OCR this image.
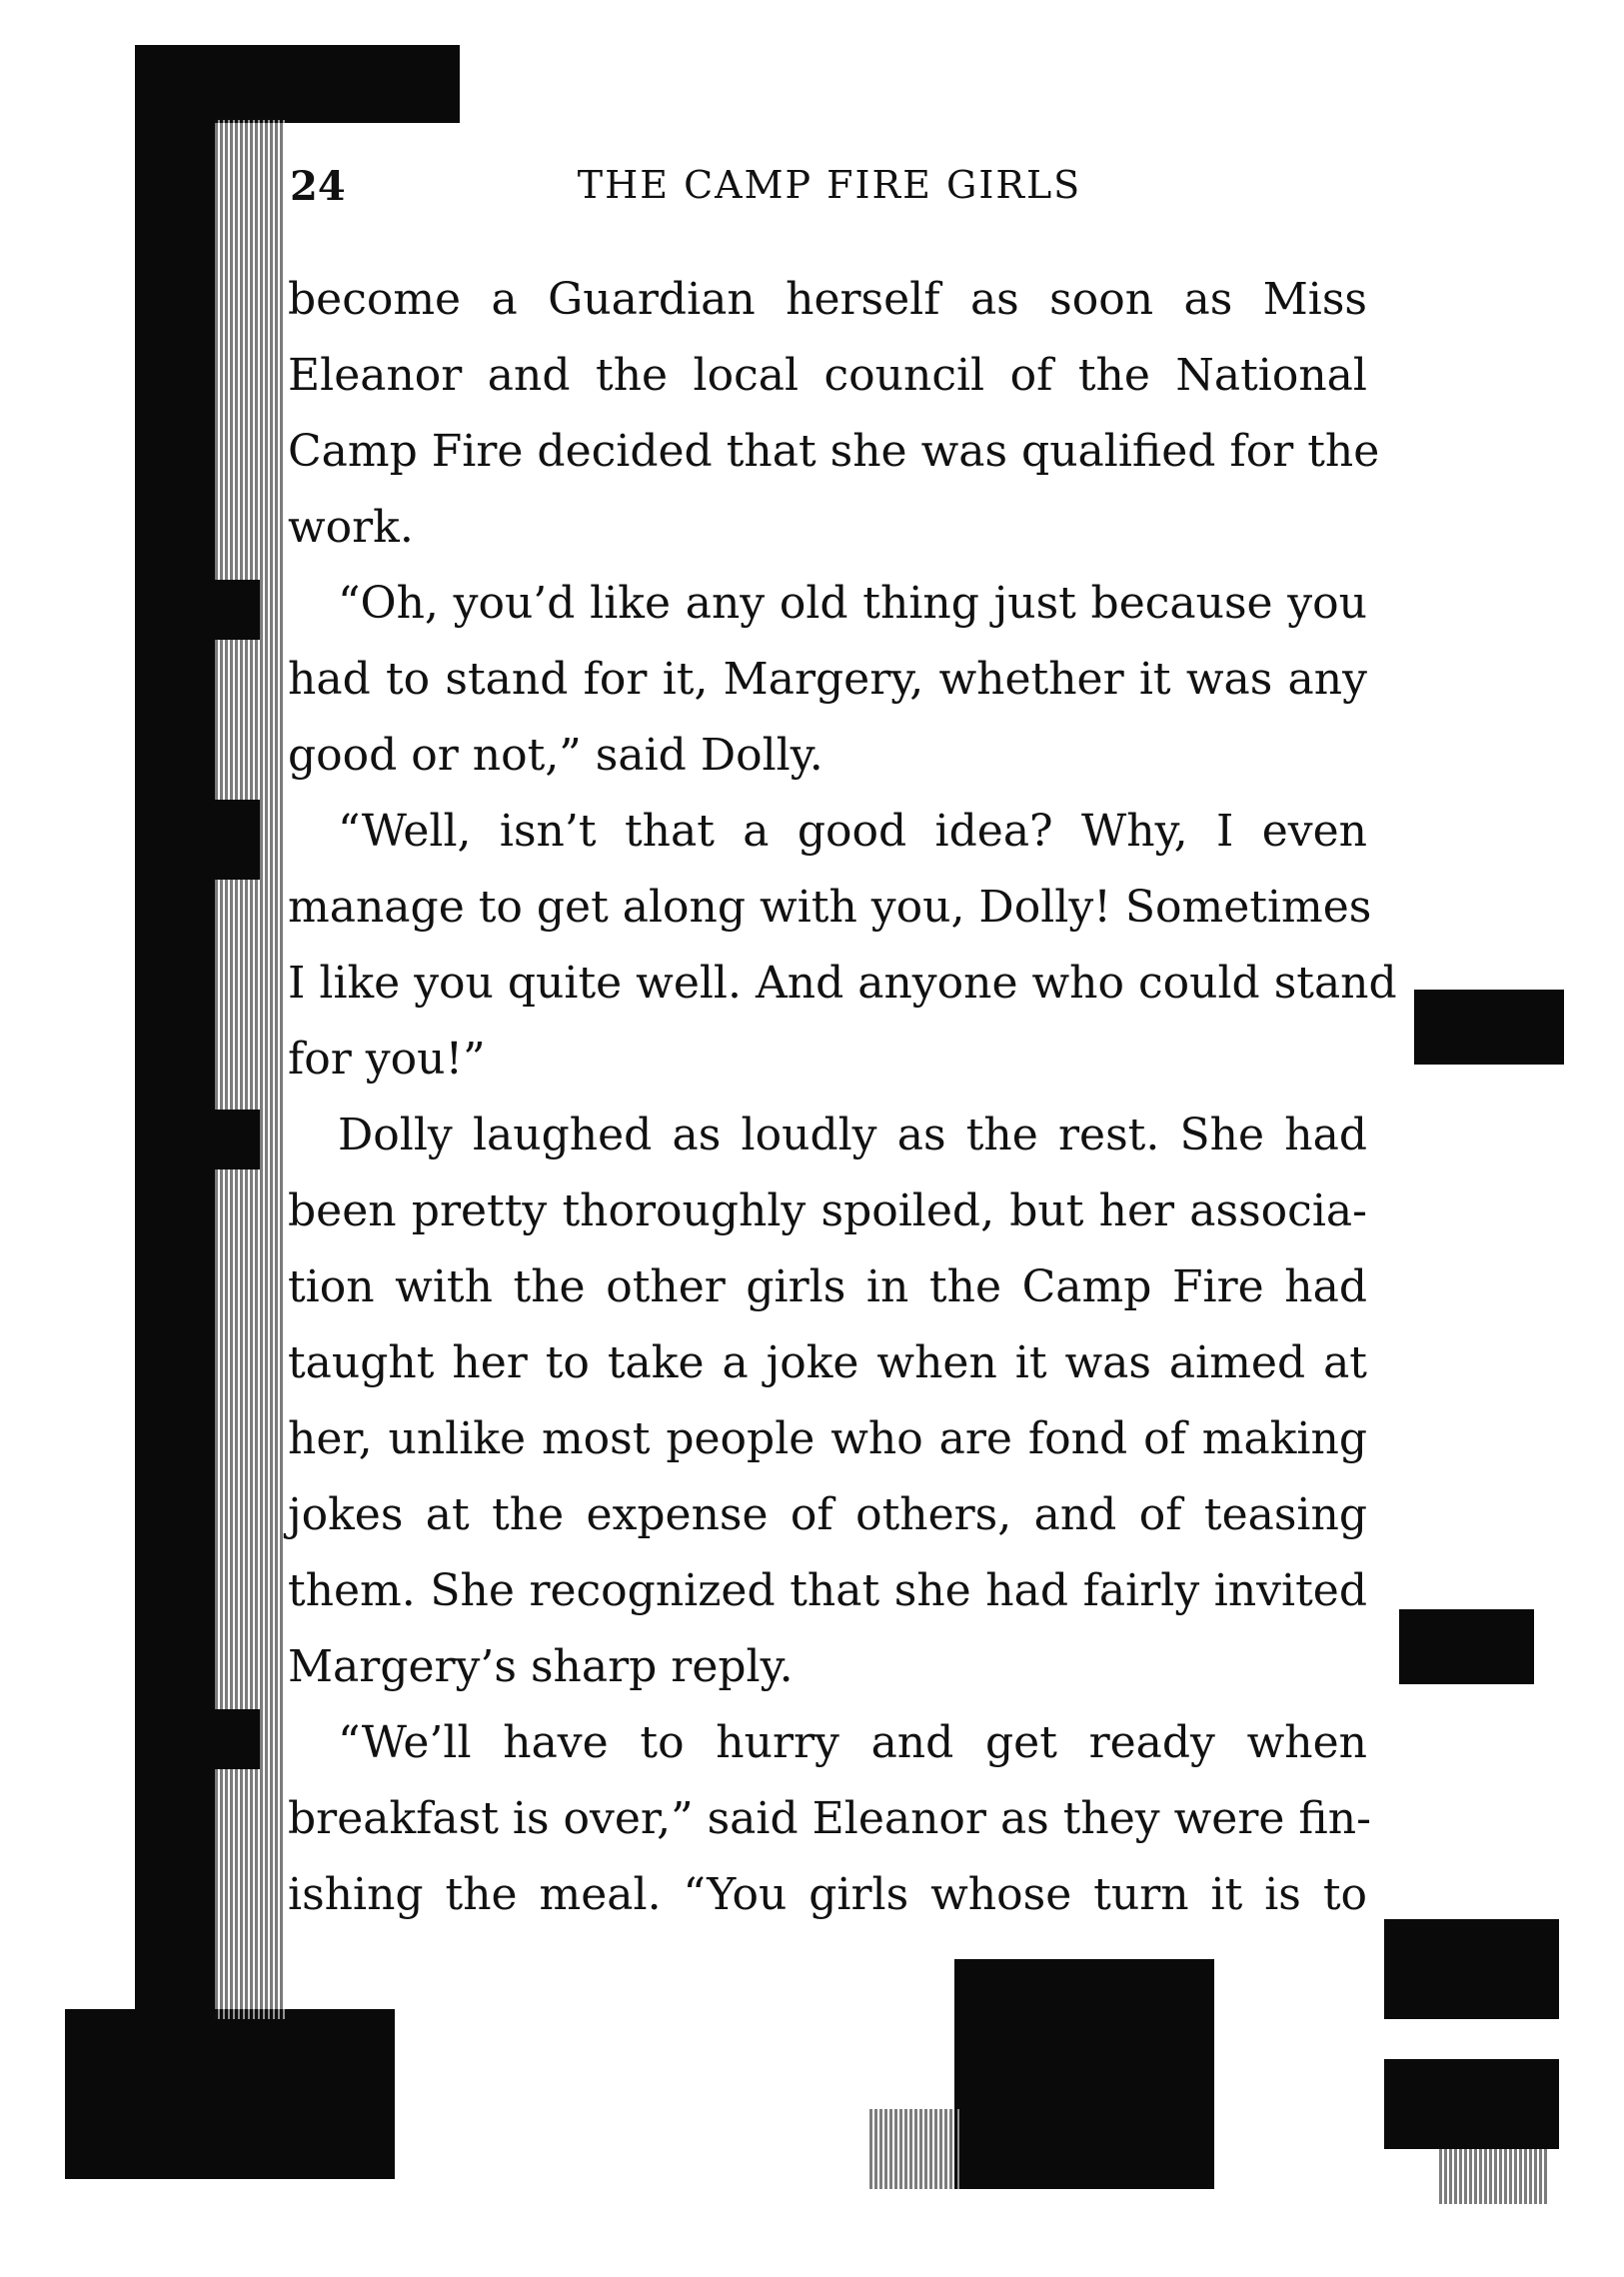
24	THE CAMP FIRE GIRLS

become a Guardian herself as soon as Miss
Eleanor and the local council of the National
Camp Fire decided that she was qualified for the
work.

“Oh, you’d like any old thing just because you
had to stand for it, Margery, whether it was any
good or not,” said Dolly.

“Well, isn’t that a good idea? Why, I even
manage to get along with you, Dolly! Sometimes
I like you quite well. And anyone who could stand
for you!”

Dolly laughed as loudly as the rest. She had
been pretty thoroughly spoiled, but her associa-
tion with the other girls in the Camp Fire had
taught her to take a joke when it was aimed at
her, unlike most people who are fond of making
jokes at the expense of others, and of teasing
them. She recognized that she had fairly invited
Margery’s sharp reply.

“We’ll have to hurry and get ready when
breakfast is over,” said Eleanor as they were fin-
ishing the meal. “You girls whose turn it is to
